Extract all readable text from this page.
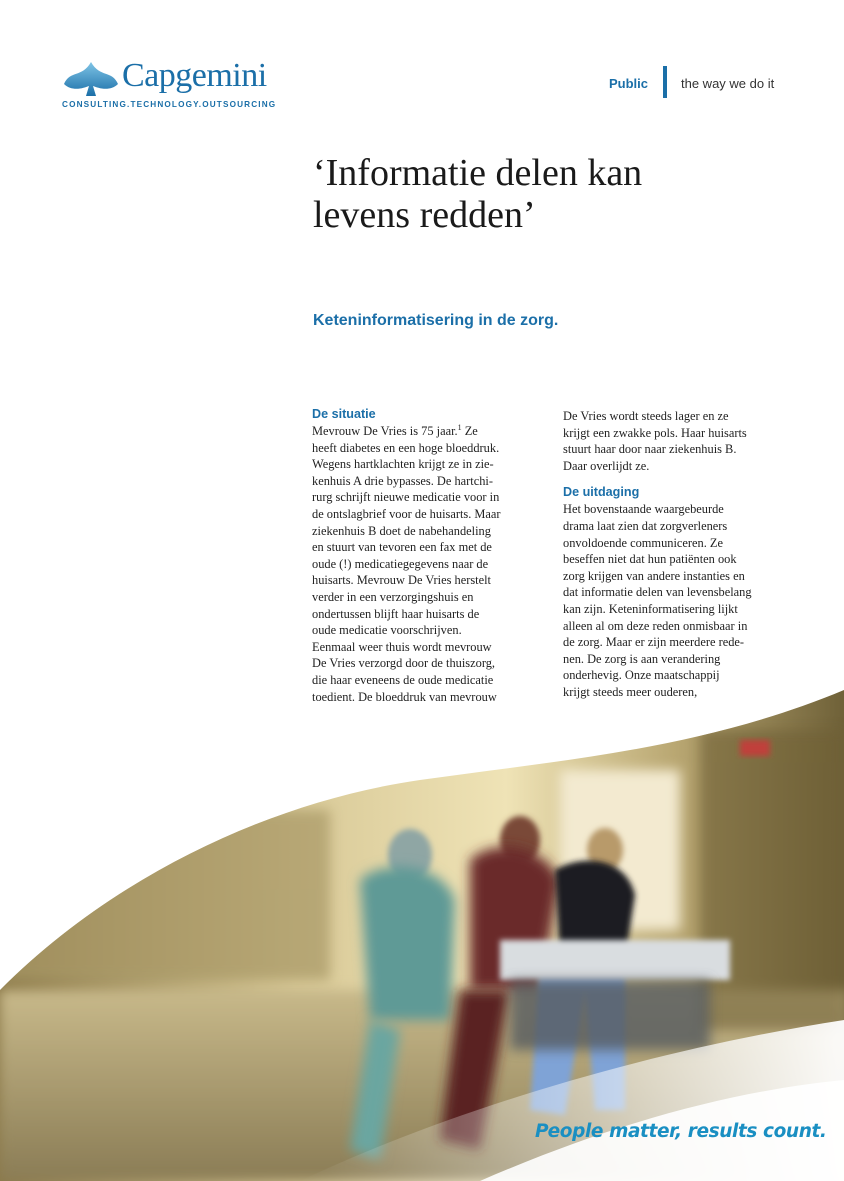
Capgemini
CONSULTING.TECHNOLOGY.OUTSOURCING
Public	the way we do it
‘Informatie delen kan
levens redden’
Keteninformatisering in de zorg.
De situatie
Mevrouw De Vries is 75 jaar.$^1$ Ze
heeft diabetes en een hoge bloeddruk.
Wegens hartklachten krijgt ze in zie-
kenhuis A drie bypasses. De hartchi-
rurg schrijft nieuwe medicatie voor in
de ontslagbrief voor de huisarts. Maar
ziekenhuis B doet de nabehandeling
en stuurt van tevoren een fax met de
oude (!) medicatiegegevens naar de
huisarts. Mevrouw De Vries herstelt
verder in een verzorgingshuis en
ondertussen blijft haar huisarts de
oude medicatie voorschrijven.
Eenmaal weer thuis wordt mevrouw
De Vries verzorgd door de thuiszorg,
die haar eveneens de oude medicatie
toedient. De bloeddruk van mevrouw
De Vries wordt steeds lager en ze
krijgt een zwakke pols. Haar huisarts
stuurt haar door naar ziekenhuis B.
Daar overlijdt ze.
De uitdaging
Het bovenstaande waargebeurde
drama laat zien dat zorgverleners
onvoldoende communiceren. Ze
beseffen niet dat hun patiënten ook
zorg krijgen van andere instanties en
dat informatie delen van levensbelang
kan zijn. Keteninformatisering lijkt
alleen al om deze reden onmisbaar in
de zorg. Maar er zijn meerdere rede-
nen. De zorg is aan verandering
onderhevig. Onze maatschappij
krijgt steeds meer ouderen,
People matter, results count.
